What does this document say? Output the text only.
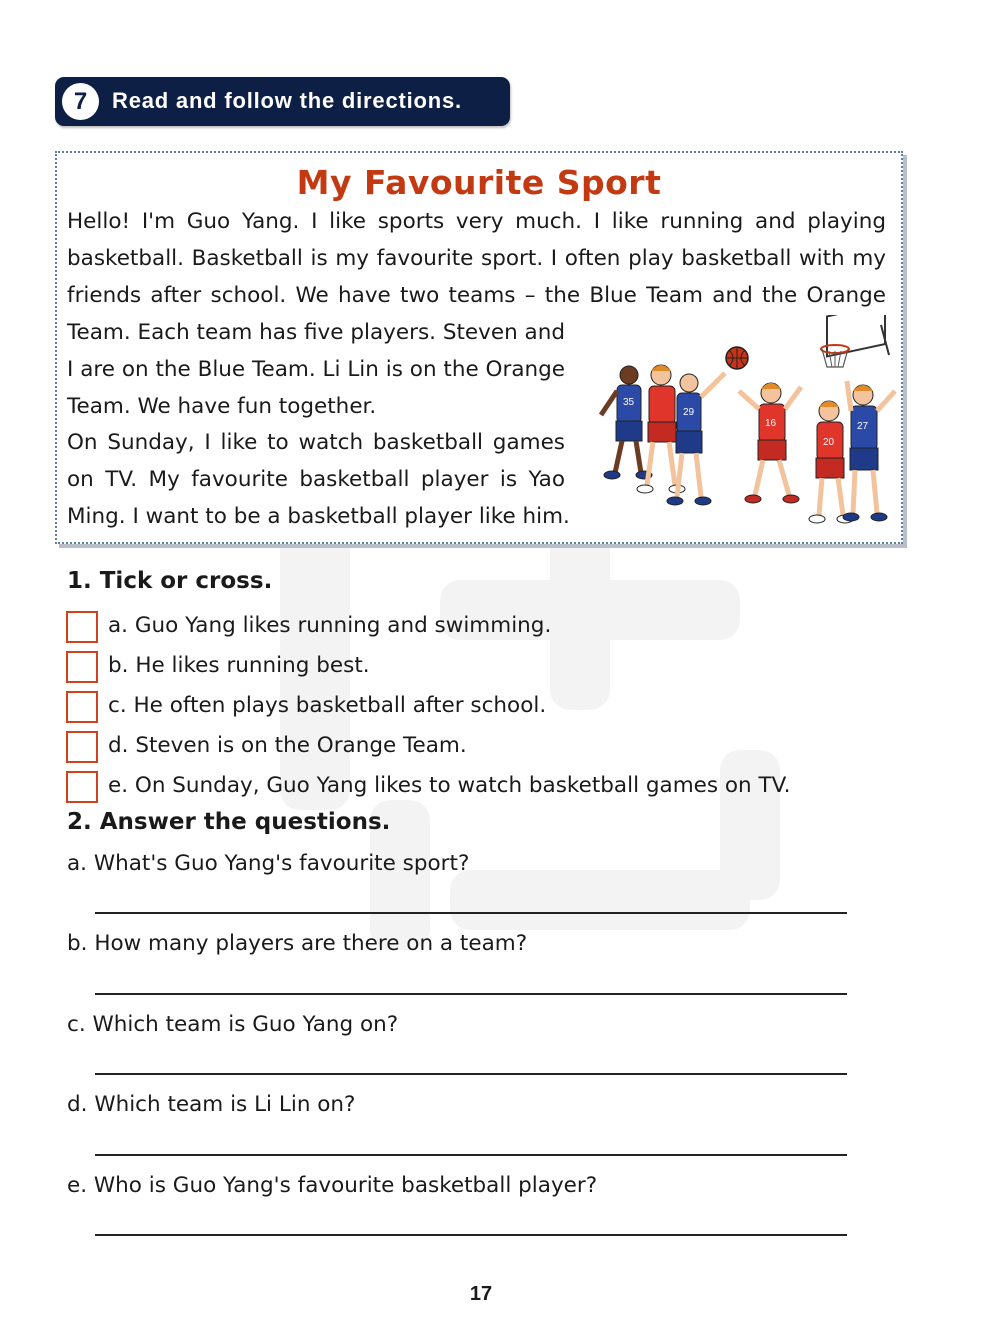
7	Read and follow the directions.
My Favourite Sport
Hello! I'm Guo Yang. I like sports very much. I like running and playing
basketball. Basketball is my favourite sport. I often play basketball with my
friends after school. We have two teams – the Blue Team and the Orange
Team. Each team has five players. Steven and
I are on the Blue Team. Li Lin is on the Orange
Team. We have fun together.
On Sunday, I like to watch basketball games
on TV. My favourite basketball player is Yao
Ming. I want to be a basketball player like him.
35
29
16
20
27
1. Tick or cross.
a. Guo Yang likes running and swimming.
b. He likes running best.
c. He often plays basketball after school.
d. Steven is on the Orange Team.
e. On Sunday, Guo Yang likes to watch basketball games on TV.
2. Answer the questions.
a. What's Guo Yang's favourite sport?
b. How many players are there on a team?
c. Which team is Guo Yang on?
d. Which team is Li Lin on?
e. Who is Guo Yang's favourite basketball player?
17
